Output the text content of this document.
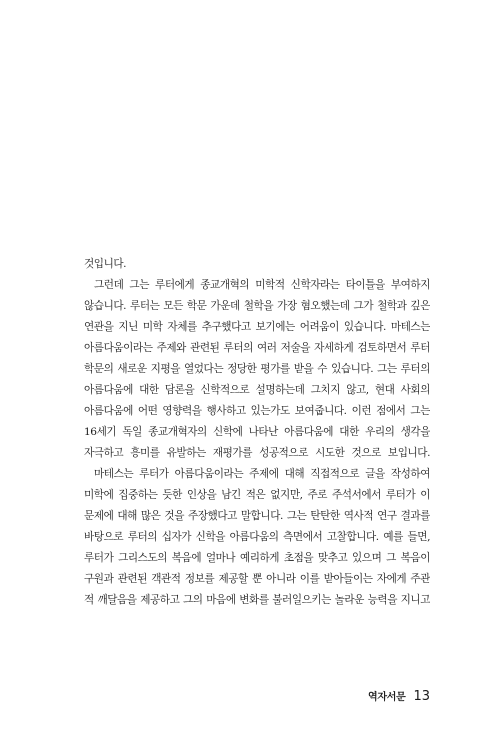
것입니다.
그런데 그는 루터에게 종교개혁의 미학적 신학자라는 타이틀을 부여하지
않습니다. 루터는 모든 학문 가운데 철학을 가장 혐오했는데 그가 철학과 깊은
연관을 지닌 미학 자체를 추구했다고 보기에는 어려움이 있습니다. 마테스는
아름다움이라는 주제와 관련된 루터의 여러 저술을 자세하게 검토하면서 루터
학문의 새로운 지평을 열었다는 정당한 평가를 받을 수 있습니다. 그는 루터의
아름다움에 대한 담론을 신학적으로 설명하는데 그치지 않고, 현대 사회의
아름다움에 어떤 영향력을 행사하고 있는가도 보여줍니다. 이런 점에서 그는
16세기 독일 종교개혁자의 신학에 나타난 아름다움에 대한 우리의 생각을
자극하고 흥미를 유발하는 재평가를 성공적으로 시도한 것으로 보입니다.
마테스는 루터가 아름다움이라는 주제에 대해 직접적으로 글을 작성하여
미학에 집중하는 듯한 인상을 남긴 적은 없지만, 주로 주석서에서 루터가 이
문제에 대해 많은 것을 주장했다고 말합니다. 그는 탄탄한 역사적 연구 결과를
바탕으로 루터의 십자가 신학을 아름다움의 측면에서 고찰합니다. 예를 들면,
루터가 그리스도의 복음에 얼마나 예리하게 초점을 맞추고 있으며 그 복음이
구원과 관련된 객관적 정보를 제공할 뿐 아니라 이를 받아들이는 자에게 주관
적 깨달음을 제공하고 그의 마음에 변화를 불러일으키는 놀라운 능력을 지니고
역자서문 13
